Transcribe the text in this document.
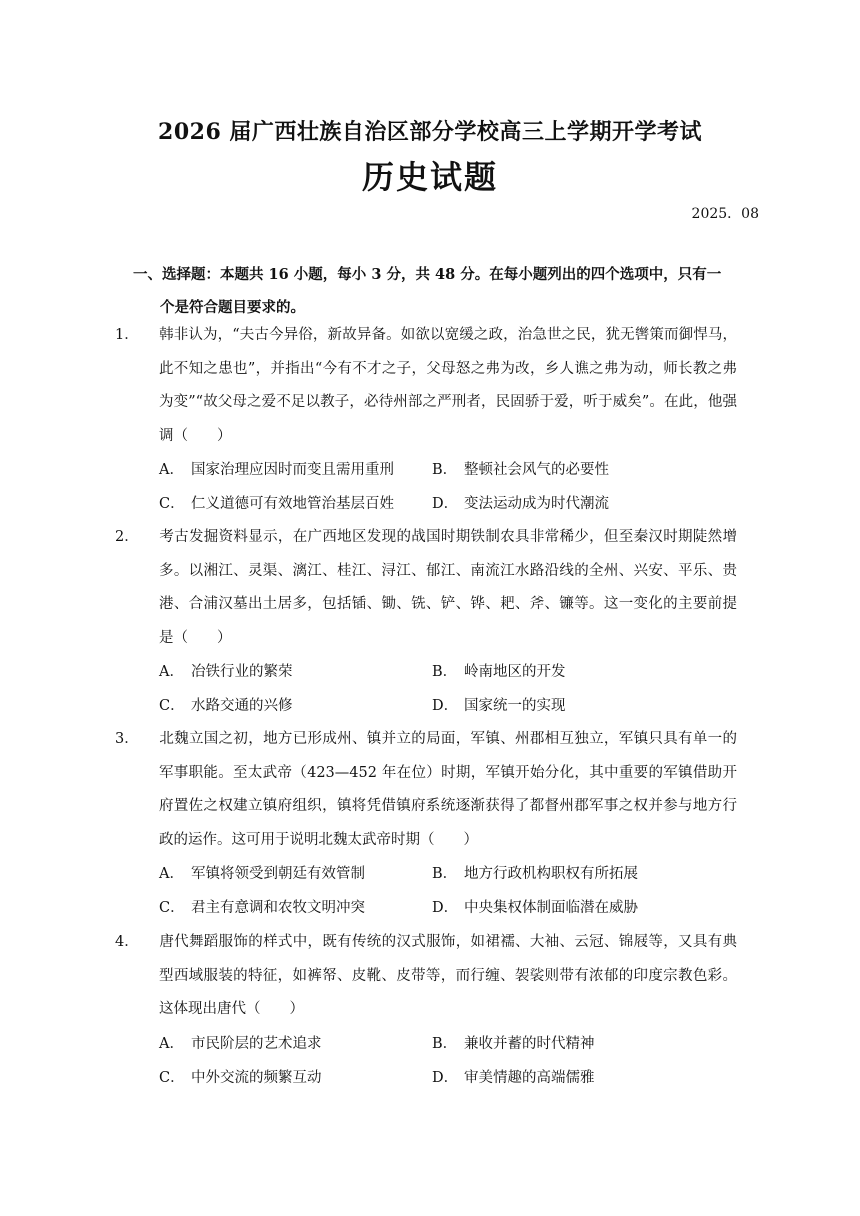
2026 届广西壮族自治区部分学校高三上学期开学考试
历史试题
2025．08
一、选择题：本题共 16 小题，每小 3 分，共 48 分。在每小题列出的四个选项中，只有一
个是符合题目要求的。
1． 韩非认为，“夫古今异俗，新故异备。如欲以宽缓之政，治急世之民，犹无辔策而御悍马，此不知之患也”，并指出“今有不才之子，父母怒之弗为改，乡人谯之弗为动，师长教之弗为变”“故父母之爱不足以教子，必待州部之严刑者，民固骄于爱，听于威矣”。在此，他强调（　　）
A． 国家治理应因时而变且需用重刑	B． 整顿社会风气的必要性
C． 仁义道德可有效地管治基层百姓	D． 变法运动成为时代潮流
2． 考古发掘资料显示，在广西地区发现的战国时期铁制农具非常稀少，但至秦汉时期陡然增多。以湘江、灵渠、漓江、桂江、浔江、郁江、南流江水路沿线的全州、兴安、平乐、贵港、合浦汉墓出土居多，包括锸、锄、铣、铲、铧、耙、斧、镰等。这一变化的主要前提是（　　）
A． 冶铁行业的繁荣	B． 岭南地区的开发
C． 水路交通的兴修	D． 国家统一的实现
3． 北魏立国之初，地方已形成州、镇并立的局面，军镇、州郡相互独立，军镇只具有单一的军事职能。至太武帝（423—452 年在位）时期，军镇开始分化，其中重要的军镇借助开府置佐之权建立镇府组织，镇将凭借镇府系统逐渐获得了都督州郡军事之权并参与地方行政的运作。这可用于说明北魏太武帝时期（　　）
A． 军镇将领受到朝廷有效管制	B． 地方行政机构职权有所拓展
C． 君主有意调和农牧文明冲突	D． 中央集权体制面临潜在威胁
4． 唐代舞蹈服饰的样式中，既有传统的汉式服饰，如裙襦、大袖、云冠、锦屐等，又具有典型西域服装的特征，如裤帑、皮靴、皮带等，而行缠、袈裟则带有浓郁的印度宗教色彩。这体现出唐代（　　）
A． 市民阶层的艺术追求	B． 兼收并蓄的时代精神
C． 中外交流的频繁互动	D． 审美情趣的高端儒雅
